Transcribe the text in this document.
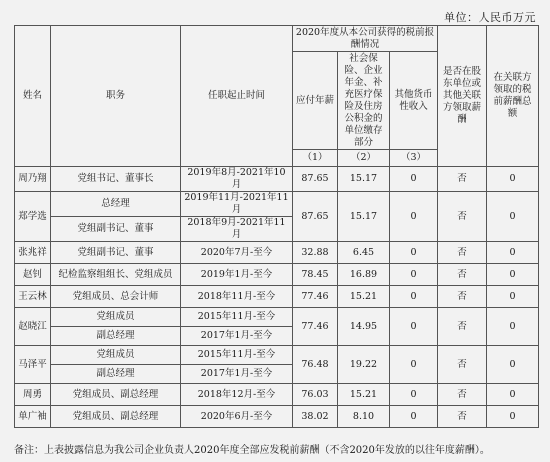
单位：人民币万元
姓名	职务	任职起止时间	2020年度从本公司获得的税前报酬情况			是否在股东单位或其他关联方领取薪酬	在关联方领取的税前薪酬总额
			应付年薪	社会保险、企业年金、补充医疗保险及住房公积金的单位缴存部分	其他货币性收入		
			（1）	（2）	（3）		
周乃翔	党组书记、董事长	2019年8月-2021年10月	87.65	15.17	0	否	0
郑学选	总经理	2019年11月-2021年11月	87.65	15.17	0	否	0
	党组副书记、董事	2018年9月-2021年11月					
张兆祥	党组副书记、董事	2020年7月-至今	32.88	6.45	0	否	0
赵钊	纪检监察组组长、党组成员	2019年1月-至今	78.45	16.89	0	否	0
王云林	党组成员、总会计师	2018年11月-至今	77.46	15.21	0	否	0
赵晓江	党组成员	2015年11月-至今	77.46	14.95	0	否	0
	副总经理	2017年1月-至今					
马泽平	党组成员	2015年11月-至今	76.48	19.22	0	否	0
	副总经理	2017年1月-至今					
周勇	党组成员、副总经理	2018年12月-至今	76.03	15.21	0	否	0
单广袖	党组成员、副总经理	2020年6月-至今	38.02	8.10	0	否	0
备注：上表披露信息为我公司企业负责人2020年度全部应发税前薪酬（不含2020年发放的以往年度薪酬）。
